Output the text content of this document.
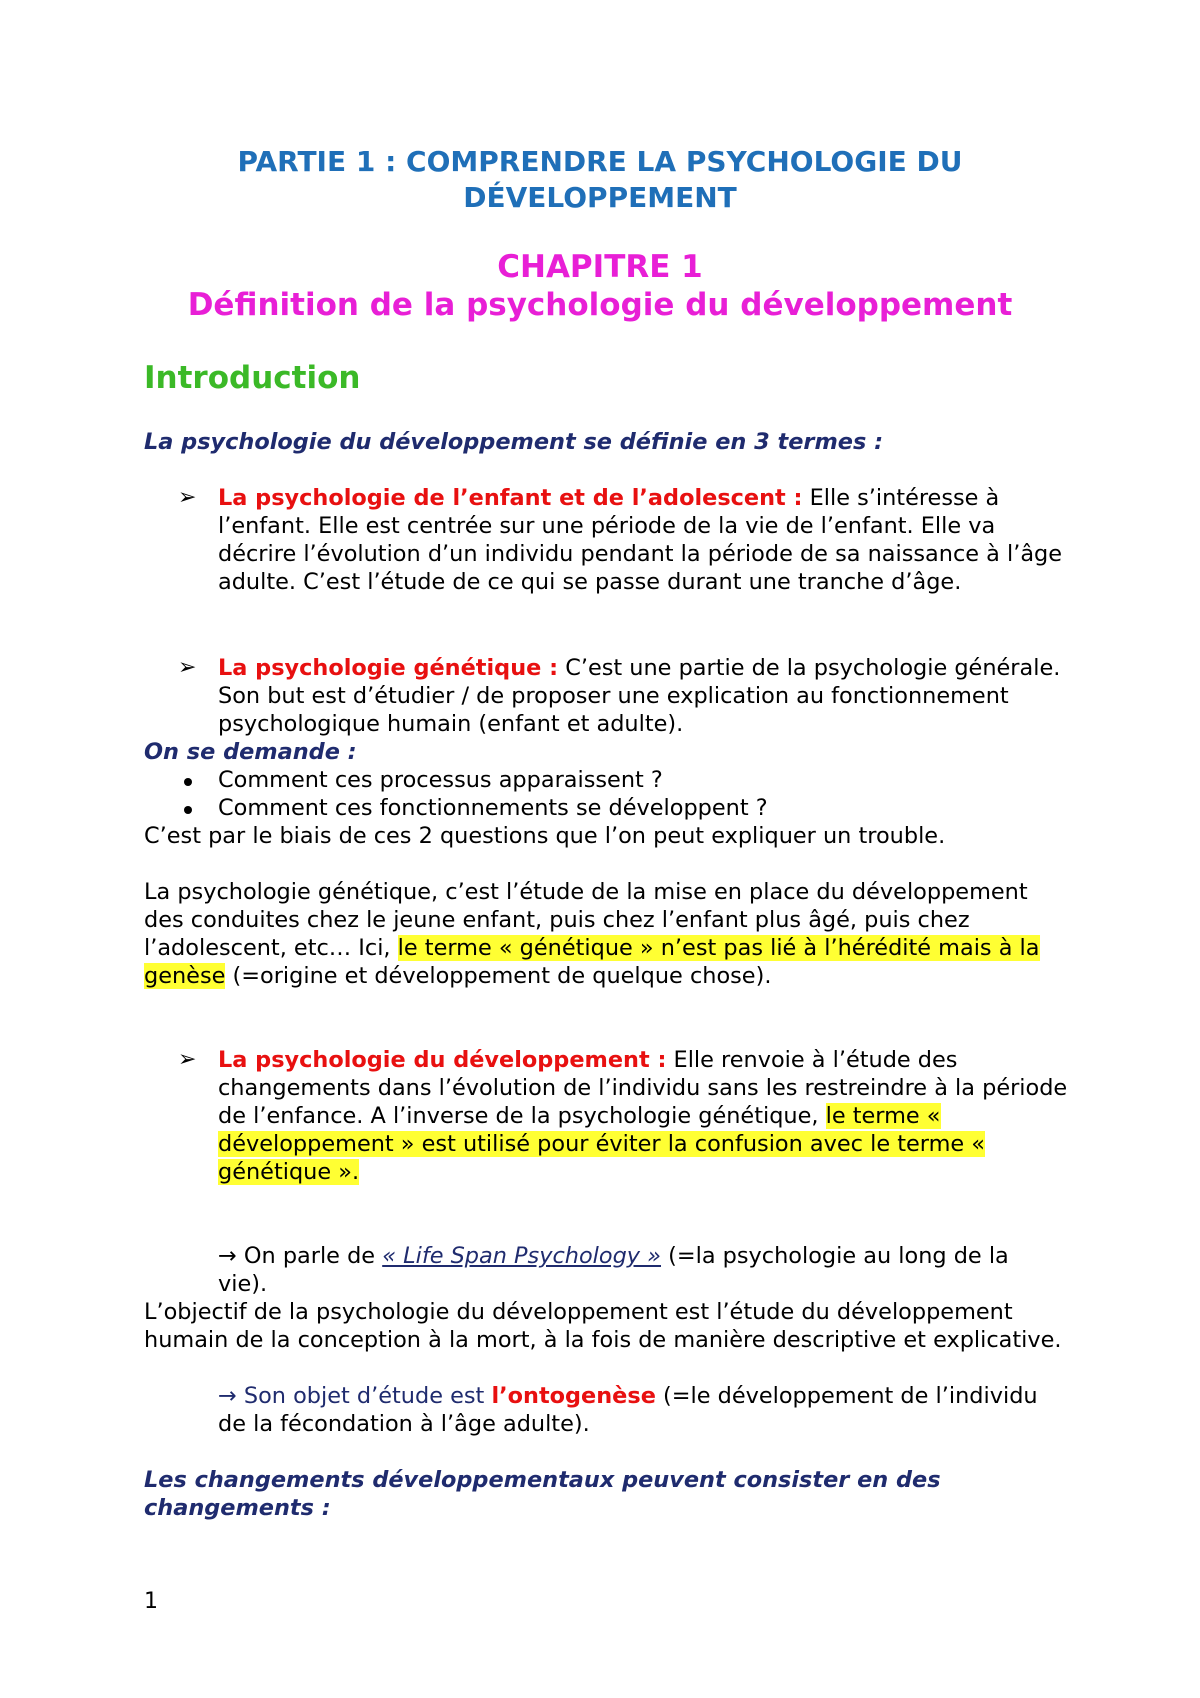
PARTIE 1 : COMPRENDRE LA PSYCHOLOGIE DU
DÉVELOPPEMENT
CHAPITRE 1
Définition de la psychologie du développement
Introduction
La psychologie du développement se définie en 3 termes :
➢ La psychologie de l’enfant et de l’adolescent : Elle s’intéresse à l’enfant. Elle est centrée sur une période de la vie de l’enfant. Elle va décrire l’évolution d’un individu pendant la période de sa naissance à l’âge adulte. C’est l’étude de ce qui se passe durant une tranche d’âge.
➢ La psychologie génétique : C’est une partie de la psychologie générale. Son but est d’étudier / de proposer une explication au fonctionnement psychologique humain (enfant et adulte).
On se demande :
Comment ces processus apparaissent ?
Comment ces fonctionnements se développent ?
C’est par le biais de ces 2 questions que l’on peut expliquer un trouble.
La psychologie génétique, c’est l’étude de la mise en place du développement des conduites chez le jeune enfant, puis chez l’enfant plus âgé, puis chez l’adolescent, etc… Ici, le terme « génétique » n’est pas lié à l’hérédité mais à la genèse (=origine et développement de quelque chose).
➢ La psychologie du développement : Elle renvoie à l’étude des changements dans l’évolution de l’individu sans les restreindre à la période de l’enfance. A l’inverse de la psychologie génétique, le terme « développement » est utilisé pour éviter la confusion avec le terme « génétique ».
→ On parle de « Life Span Psychology » (=la psychologie au long de la vie).
L’objectif de la psychologie du développement est l’étude du développement humain de la conception à la mort, à la fois de manière descriptive et explicative.
→ Son objet d’étude est l’ontogenèse (=le développement de l’individu de la fécondation à l’âge adulte).
Les changements développementaux peuvent consister en des changements :
1
